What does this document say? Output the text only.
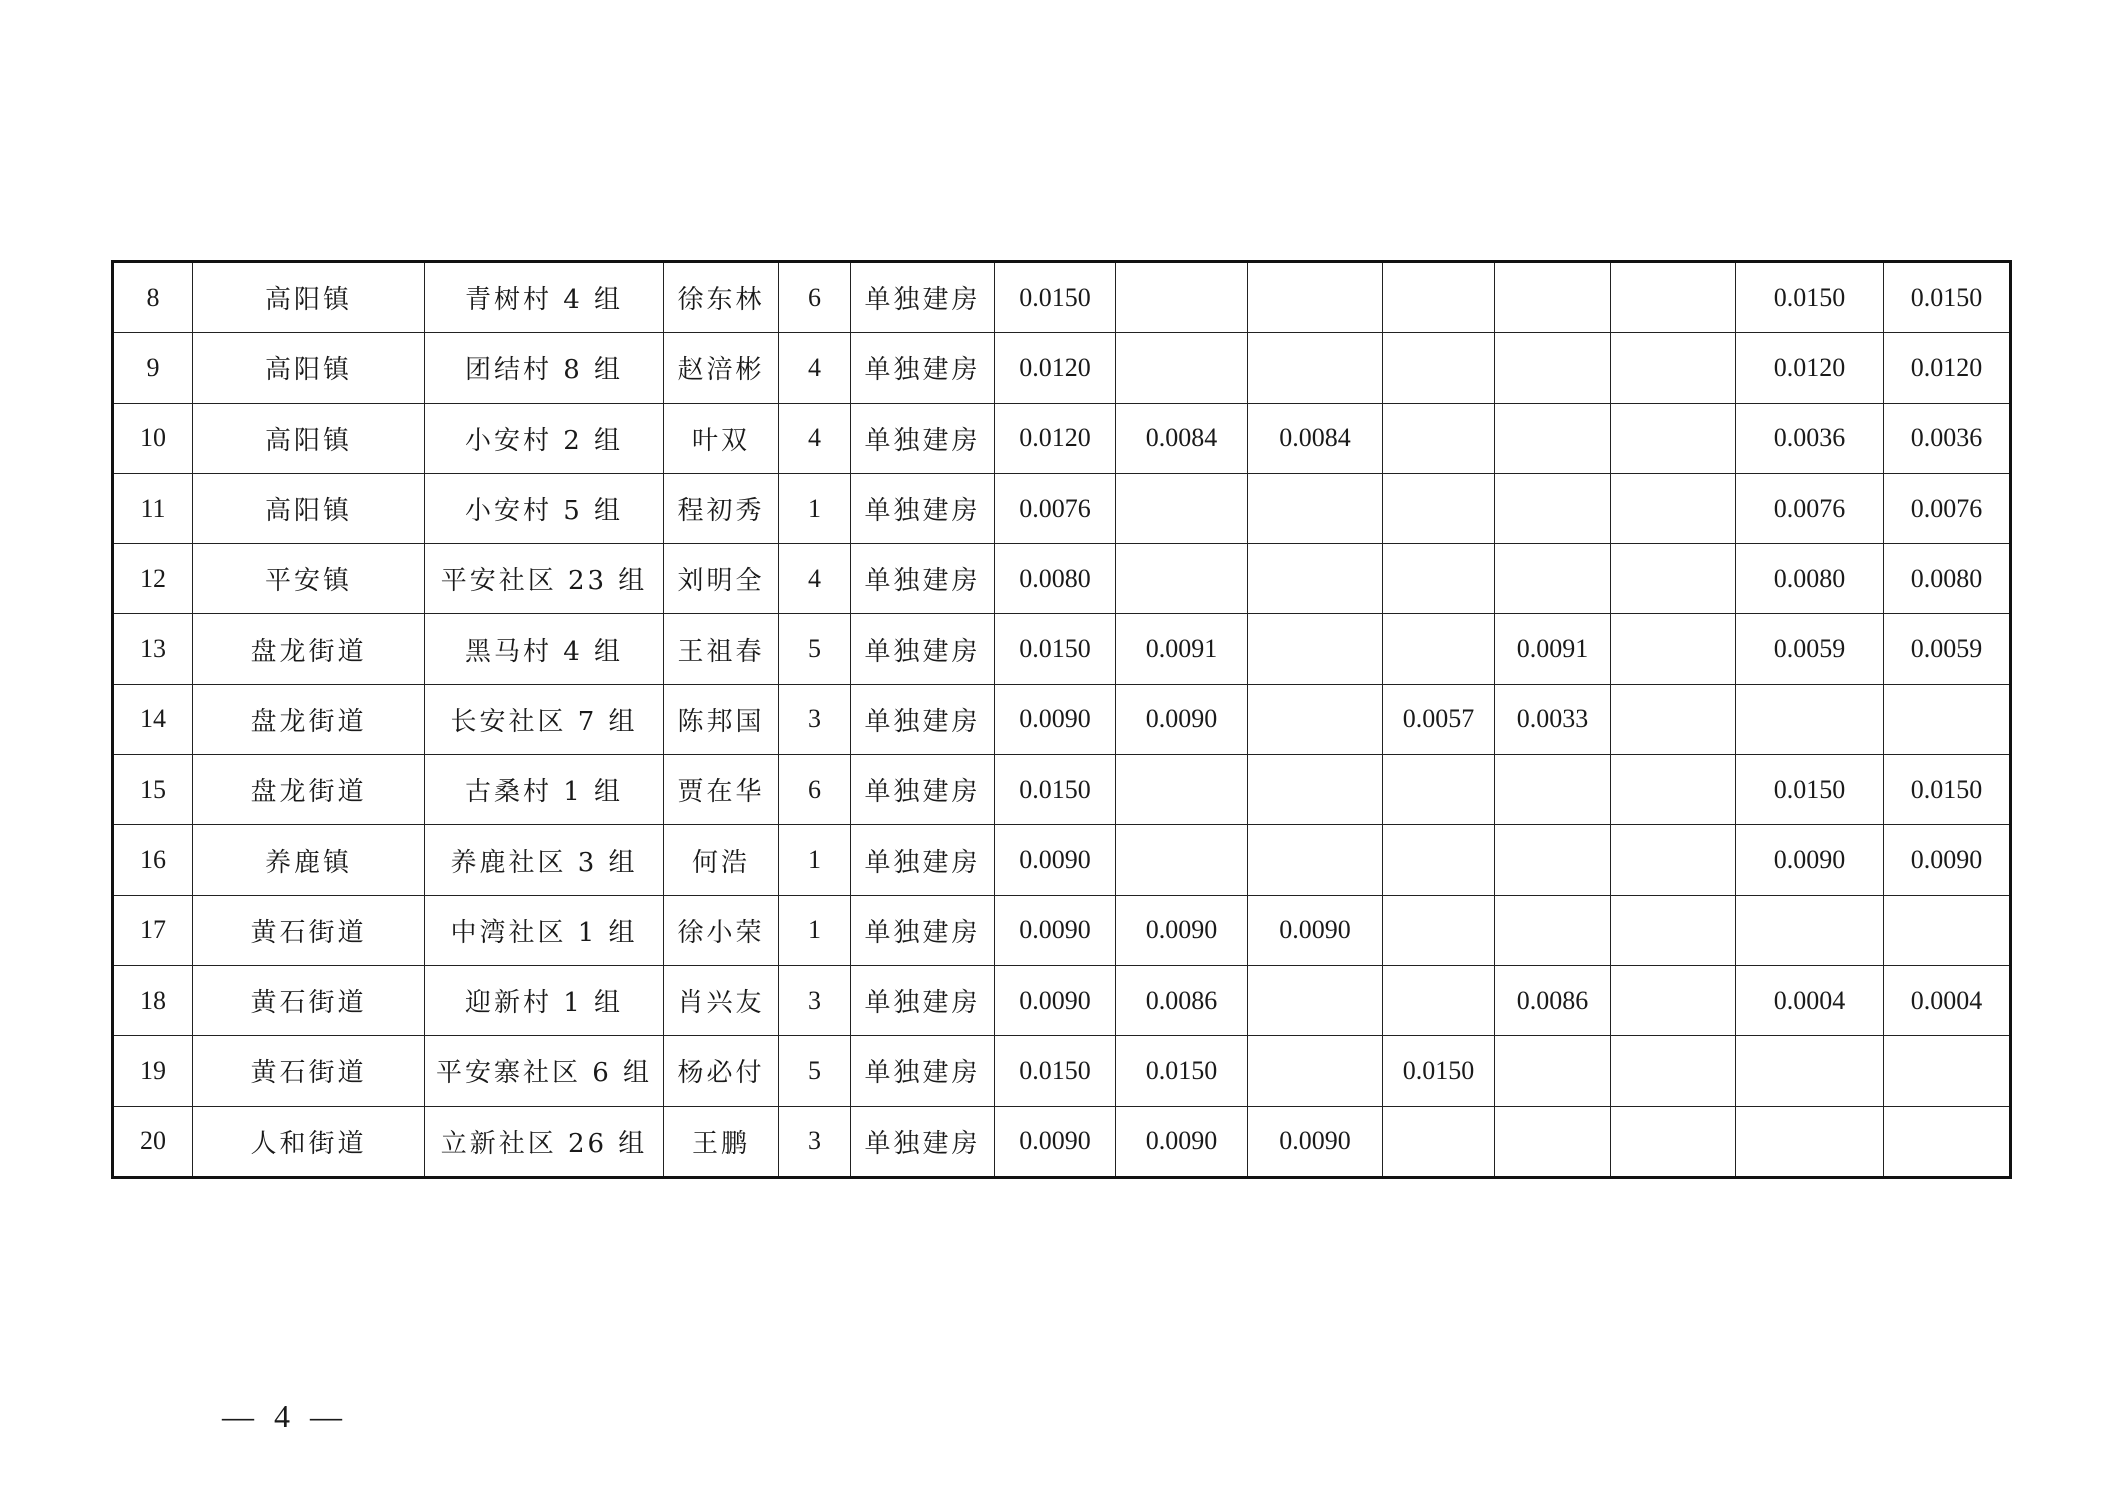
8	高阳镇	青树村 4 组	徐东林	6	单独建房	0.0150						0.0150	0.0150
9	高阳镇	团结村 8 组	赵涪彬	4	单独建房	0.0120						0.0120	0.0120
10	高阳镇	小安村 2 组	叶双	4	单独建房	0.0120	0.0084	0.0084				0.0036	0.0036
11	高阳镇	小安村 5 组	程初秀	1	单独建房	0.0076						0.0076	0.0076
12	平安镇	平安社区 23 组	刘明全	4	单独建房	0.0080						0.0080	0.0080
13	盘龙街道	黑马村 4 组	王祖春	5	单独建房	0.0150	0.0091			0.0091		0.0059	0.0059
14	盘龙街道	长安社区 7 组	陈邦国	3	单独建房	0.0090	0.0090		0.0057	0.0033			
15	盘龙街道	古桑村 1 组	贾在华	6	单独建房	0.0150						0.0150	0.0150
16	养鹿镇	养鹿社区 3 组	何浩	1	单独建房	0.0090						0.0090	0.0090
17	黄石街道	中湾社区 1 组	徐小荣	1	单独建房	0.0090	0.0090	0.0090					
18	黄石街道	迎新村 1 组	肖兴友	3	单独建房	0.0090	0.0086			0.0086		0.0004	0.0004
19	黄石街道	平安寨社区 6 组	杨必付	5	单独建房	0.0150	0.0150		0.0150				
20	人和街道	立新社区 26 组	王鹏	3	单独建房	0.0090	0.0090	0.0090					
— 4 —
